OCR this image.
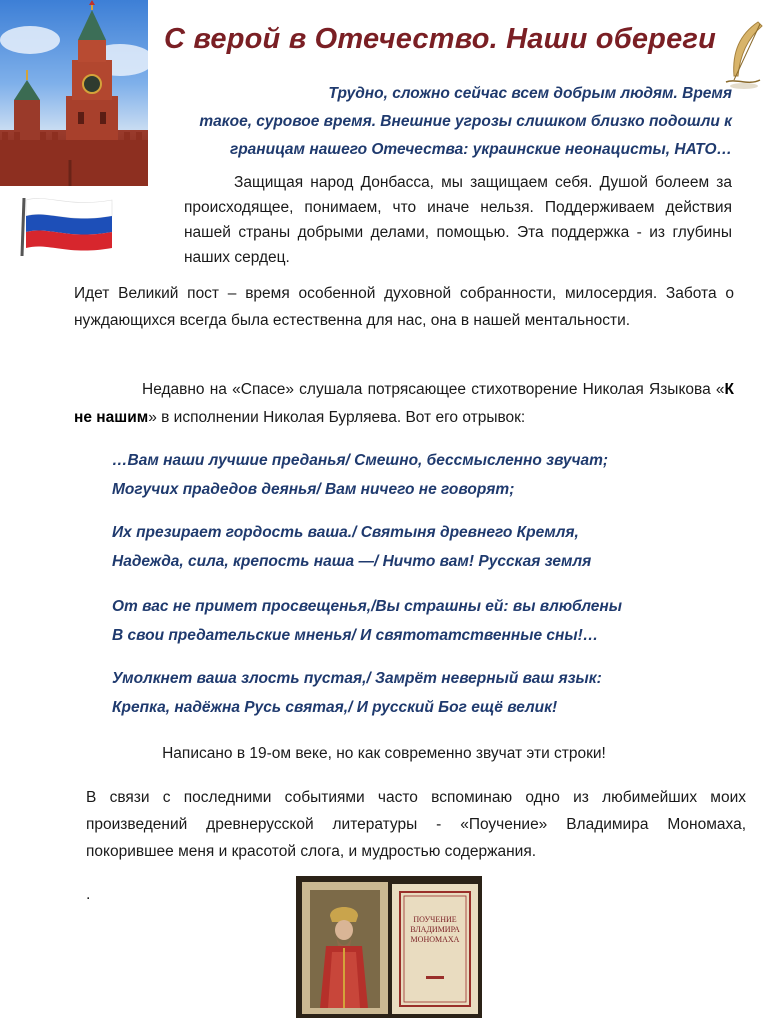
С верой в Отечество. Наши обереги

Трудно, сложно сейчас всем добрым людям. Время

такое, суровое время. Внешние угрозы слишком близко подошли к

границам нашего Отечества: украинские неонацисты, НАТО…

Защищая народ Донбасса, мы защищаем себя. Душой болеем за происходящее, понимаем, что иначе нельзя. Поддерживаем действия нашей страны добрыми делами, помощью. Эта поддержка - из глубины наших сердец.
Идет Великий пост – время особенной духовной собранности, милосердия. Забота о нуждающихся всегда была естественна для нас, она в нашей ментальности.
Недавно на «Спасе» слушала потрясающее стихотворение Николая Языкова «К не нашим» в исполнении Николая Бурляева. Вот его отрывок:

…Вам наши лучшие преданья/ Смешно, бессмысленно звучат;

Могучих прадедов деянья/ Вам ничего не говорят;

Их презирает гордость ваша./ Святыня древнего Кремля,

Надежда, сила, крепость наша —/ Ничто вам! Русская земля

От вас не примет просвещенья,/Вы страшны ей: вы влюблены

В свои предательские мненья/ И святотатственные сны!…

Умолкнет ваша злость пустая,/ Замрёт неверный ваш язык:

Крепка, надёжна Русь святая,/ И русский Бог ещё велик!

Написано в 19-ом веке, но как современно звучат эти строки!
В связи с последними событиями часто вспоминаю одно из любимейших моих произведений древнерусской литературы - «Поучение» Владимира Мономаха, покорившее меня и красотой слога, и мудростью содержания.
.
ПОУЧЕНИЕ
ВЛАДИМИРА
МОНОМАХА
